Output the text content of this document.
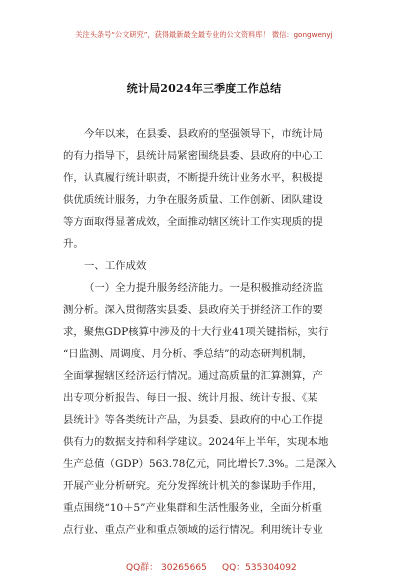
关注头条号“公文研究”，获得最新最全最专业的公文资料库！ 微信：gongwenyj
统计局2024年三季度工作总结
今年以来，在县委、县政府的坚强领导下，市统计局
的有力指导下，县统计局紧密围绕县委、县政府的中心工
作，认真履行统计职责，不断提升统计业务水平，积极提
供优质统计服务，力争在服务质量、工作创新、团队建设
等方面取得显著成效，全面推动辖区统计工作实现质的提
升。
一、工作成效
（一）全力提升服务经济能力。一是积极推动经济监
测分析。深入贯彻落实县委、县政府关于拼经济工作的要
求，聚焦GDP核算中涉及的十大行业41项关键指标，实行
“日监测、周调度、月分析、季总结”的动态研判机制，
全面掌握辖区经济运行情况。通过高质量的汇算测算，产
出专项分析报告、每日一报、统计月报、统计专报、《某
县统计》等各类统计产品，为县委、县政府的中心工作提
供有力的数据支持和科学建议。2024年上半年，实现本地
生产总值（GDP）563.78亿元，同比增长7.3%。二是深入
开展产业分析研究。充分发挥统计机关的参谋助手作用，
重点围绕“10＋5”产业集群和生活性服务业，全面分析重
点行业、重点产业和重点领域的运行情况。利用统计专业
QQ群： 30265665 QQ：535304092
